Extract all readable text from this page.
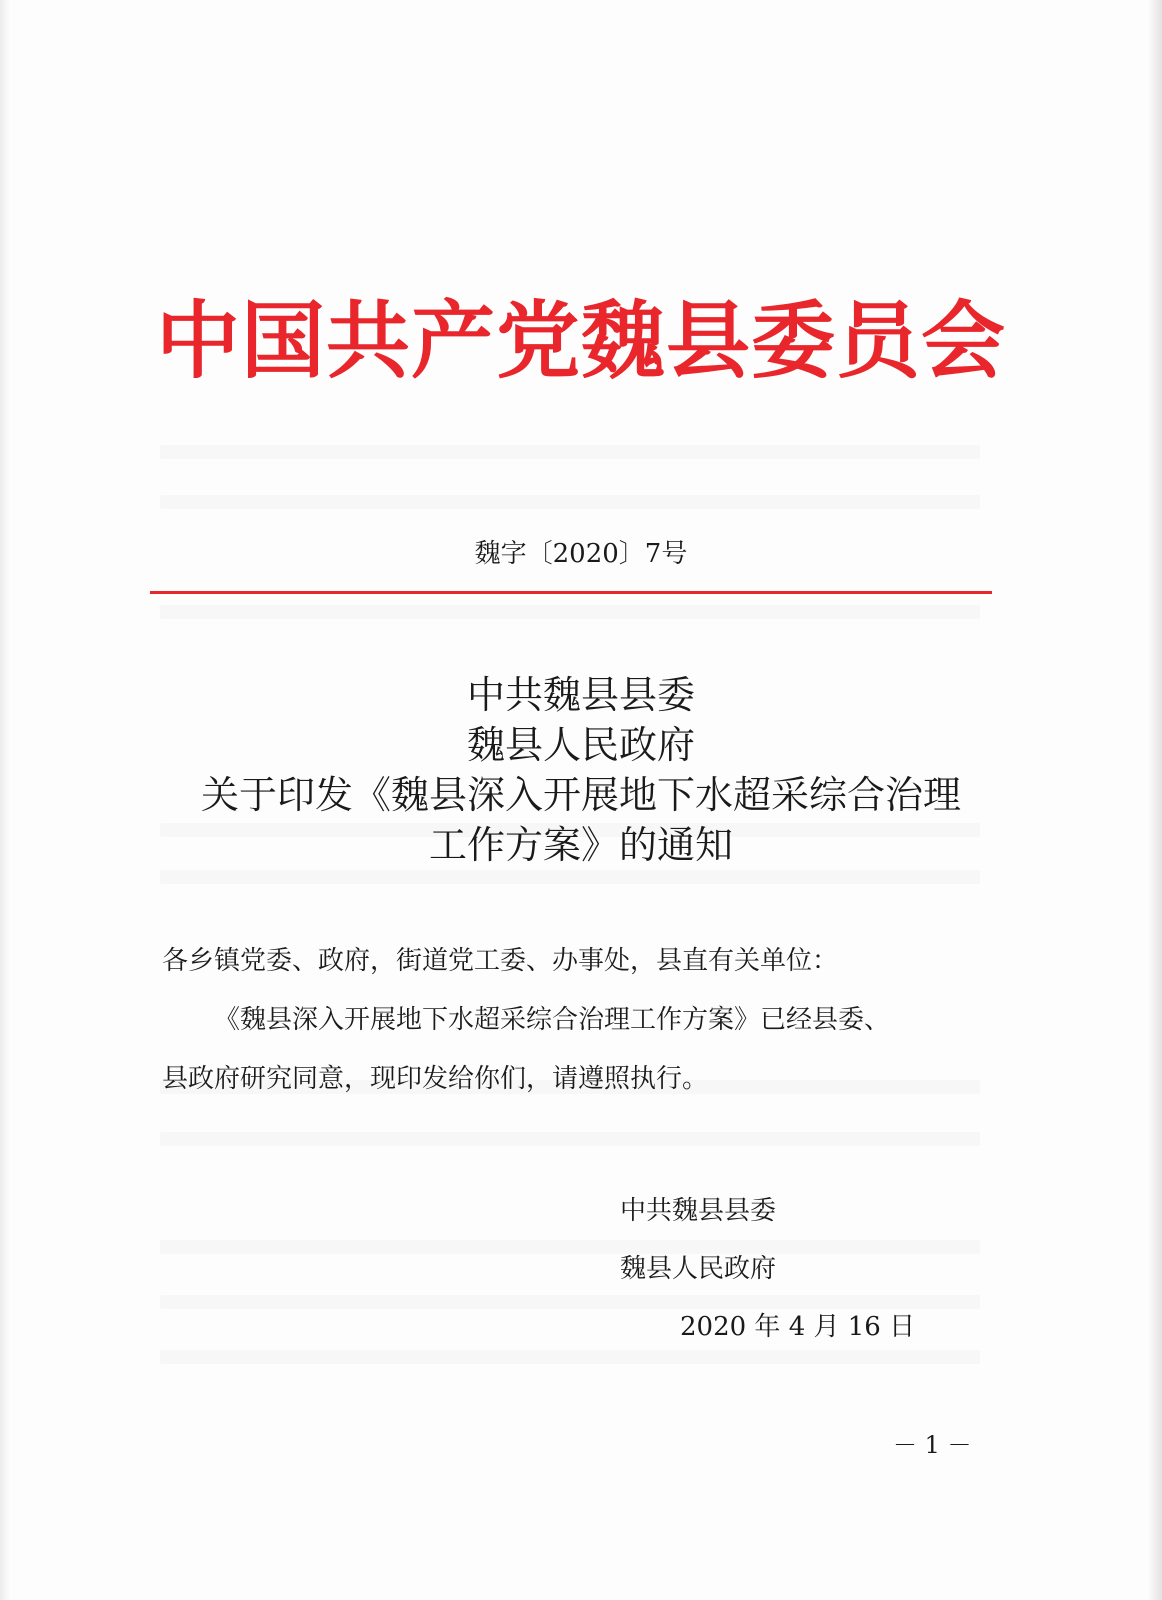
中国共产党魏县委员会
魏字〔2020〕7号
中共魏县县委
魏县人民政府
关于印发《魏县深入开展地下水超采综合治理
工作方案》的通知
各乡镇党委、政府，街道党工委、办事处，县直有关单位：
《魏县深入开展地下水超采综合治理工作方案》已经县委、
县政府研究同意，现印发给你们，请遵照执行。
中共魏县县委
魏县人民政府
2020 年 4 月 16 日
－ 1 －
